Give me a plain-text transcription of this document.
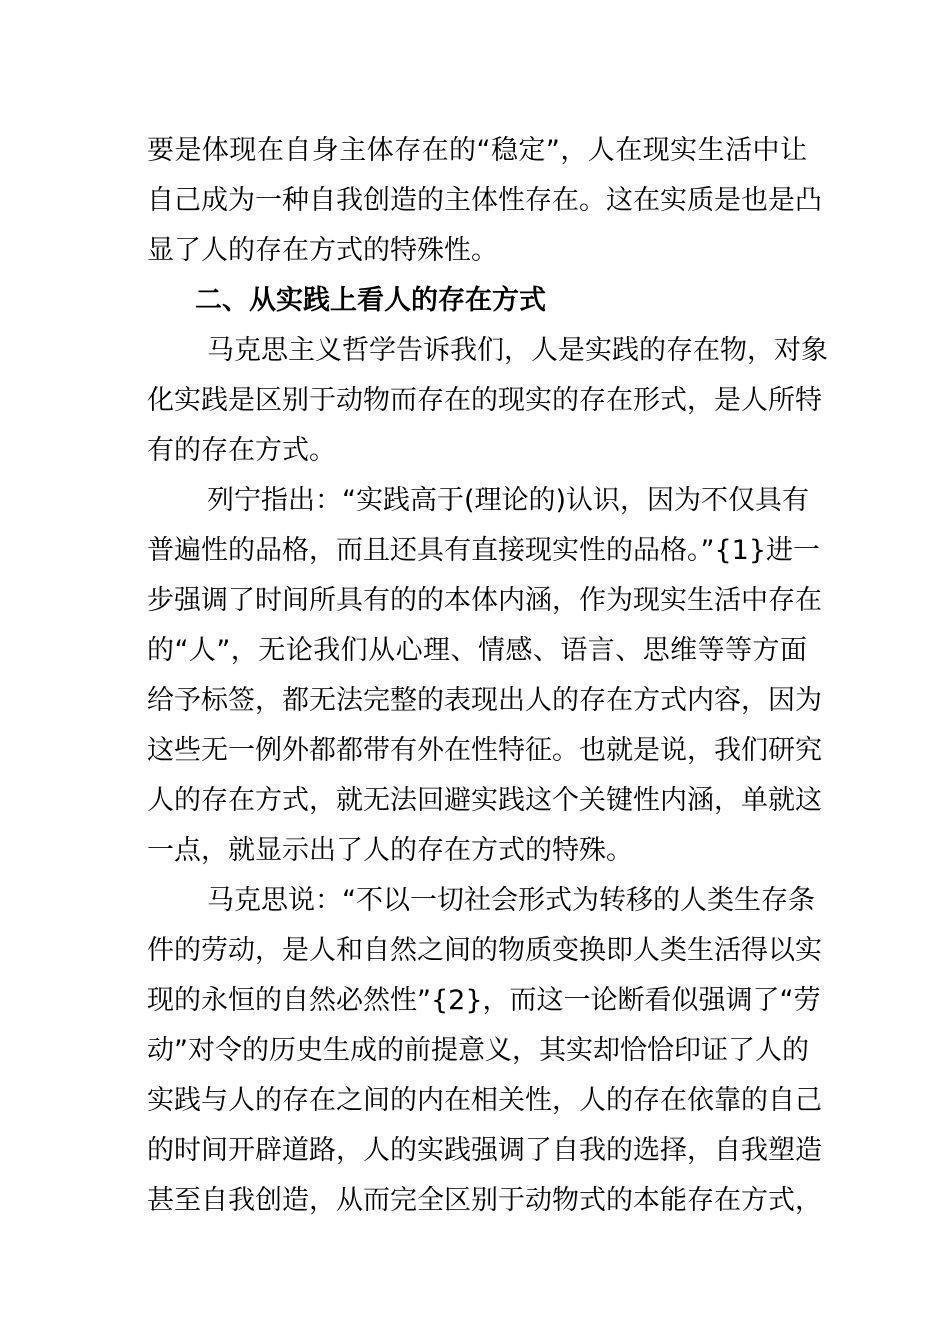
要是体现在自身主体存在的“稳定”，人在现实生活中让
自己成为一种自我创造的主体性存在。这在实质是也是凸
显了人的存在方式的特殊性。
二、从实践上看人的存在方式
马克思主义哲学告诉我们，人是实践的存在物，对象
化实践是区别于动物而存在的现实的存在形式，是人所特
有的存在方式。
列宁指出：“实践高于(理论的)认识，因为不仅具有
普遍性的品格，而且还具有直接现实性的品格。”{1}进一
步强调了时间所具有的的本体内涵，作为现实生活中存在
的“人”，无论我们从心理、情感、语言、思维等等方面
给予标签，都无法完整的表现出人的存在方式内容，因为
这些无一例外都都带有外在性特征。也就是说，我们研究
人的存在方式，就无法回避实践这个关键性内涵，单就这
一点，就显示出了人的存在方式的特殊。
马克思说：“不以一切社会形式为转移的人类生存条
件的劳动，是人和自然之间的物质变换即人类生活得以实
现的永恒的自然必然性”{2}，而这一论断看似强调了“劳
动”对令的历史生成的前提意义，其实却恰恰印证了人的
实践与人的存在之间的内在相关性，人的存在依靠的自己
的时间开辟道路，人的实践强调了自我的选择，自我塑造
甚至自我创造，从而完全区别于动物式的本能存在方式，
